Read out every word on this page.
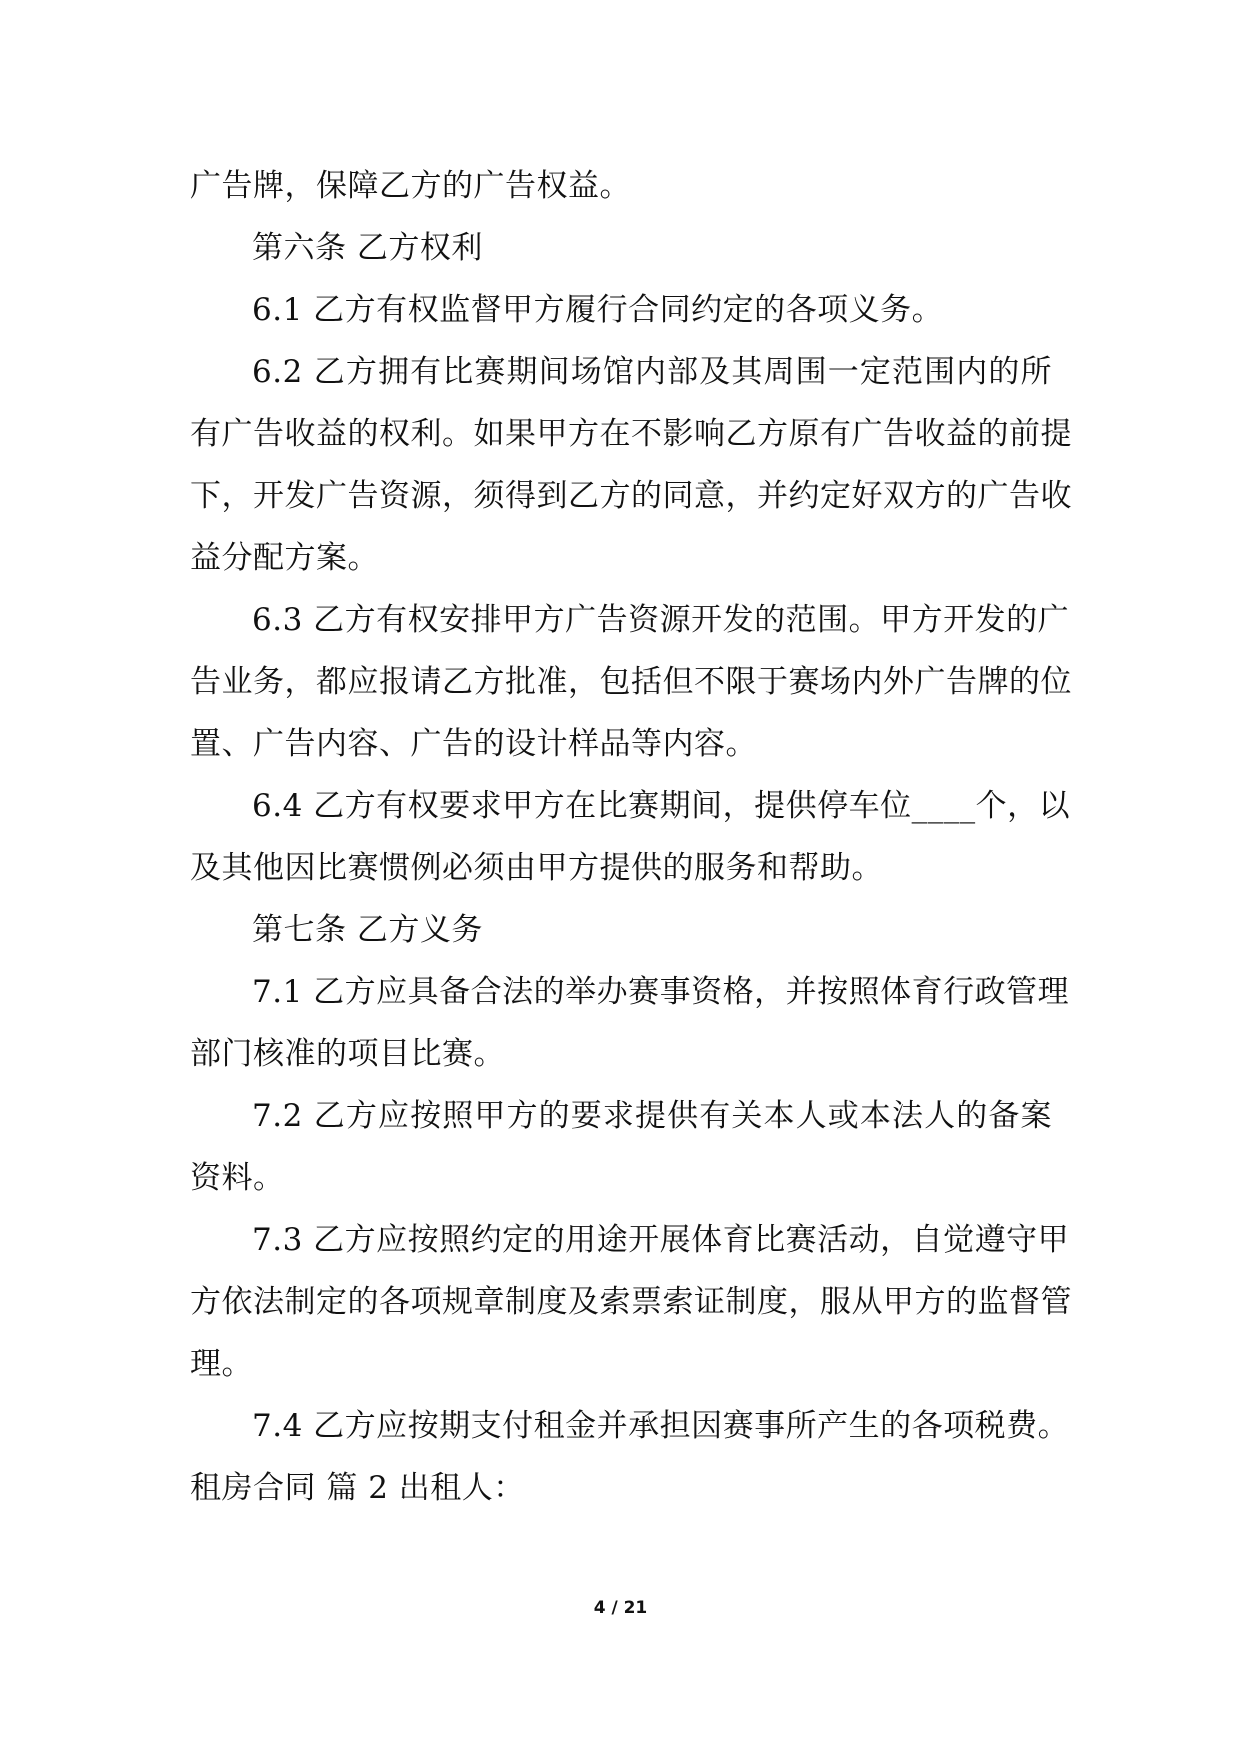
广告牌，保障乙方的广告权益。
第六条 乙方权利
6.1 乙方有权监督甲方履行合同约定的各项义务。
6.2 乙方拥有比赛期间场馆内部及其周围一定范围内的所
有广告收益的权利。如果甲方在不影响乙方原有广告收益的前提
下，开发广告资源，须得到乙方的同意，并约定好双方的广告收
益分配方案。
6.3 乙方有权安排甲方广告资源开发的范围。甲方开发的广
告业务，都应报请乙方批准，包括但不限于赛场内外广告牌的位
置、广告内容、广告的设计样品等内容。
6.4 乙方有权要求甲方在比赛期间，提供停车位____个，以
及其他因比赛惯例必须由甲方提供的服务和帮助。
第七条 乙方义务
7.1 乙方应具备合法的举办赛事资格，并按照体育行政管理
部门核准的项目比赛。
7.2 乙方应按照甲方的要求提供有关本人或本法人的备案
资料。
7.3 乙方应按照约定的用途开展体育比赛活动，自觉遵守甲
方依法制定的各项规章制度及索票索证制度，服从甲方的监督管
理。
7.4 乙方应按期支付租金并承担因赛事所产生的各项税费。
租房合同 篇 2 出租人：
4 / 21
